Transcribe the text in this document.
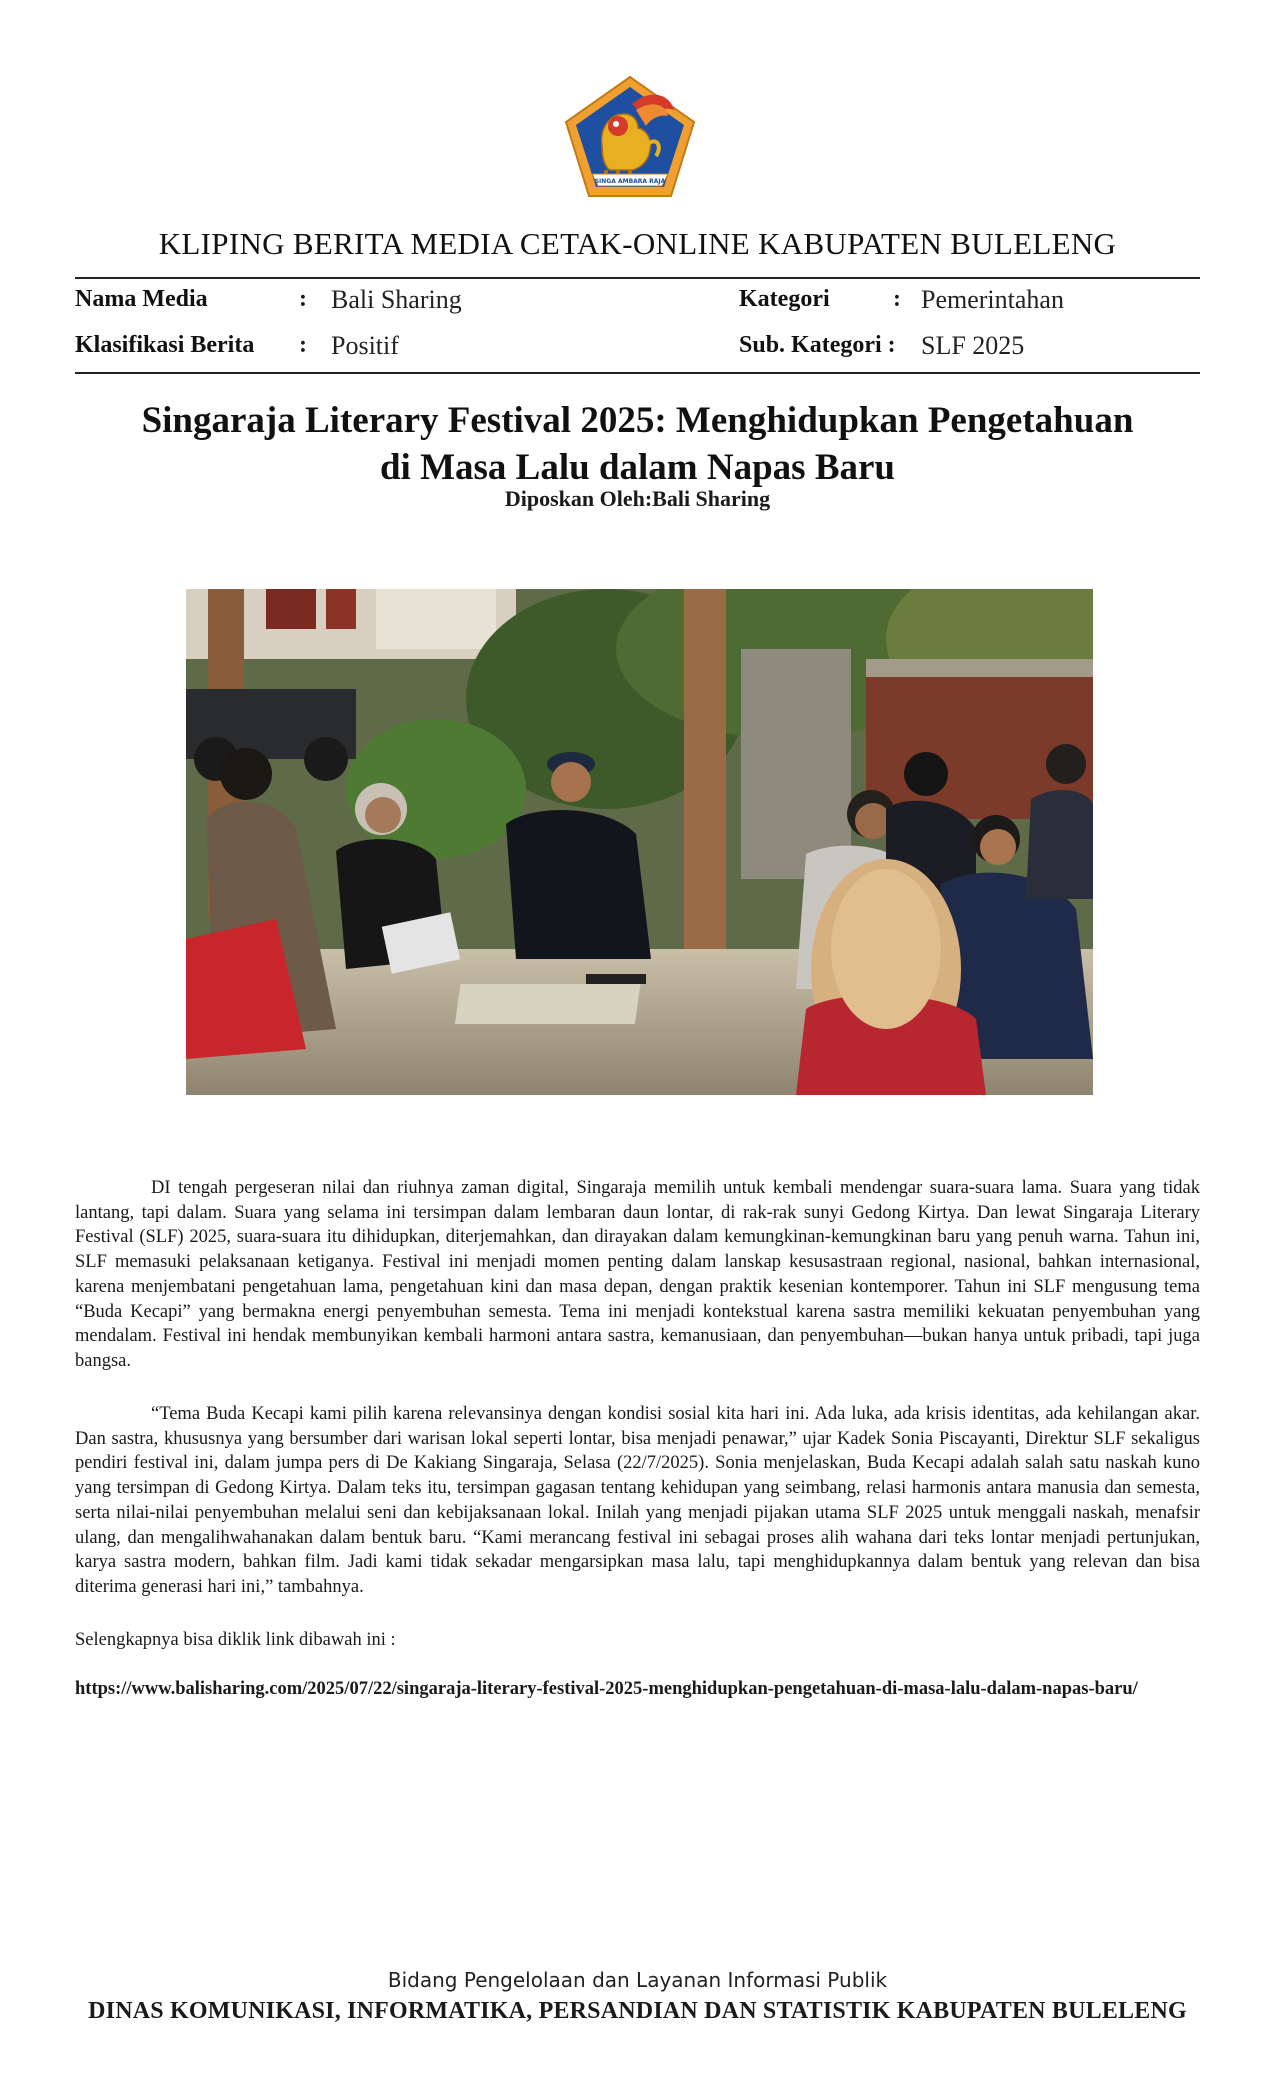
SINGA AMBARA RAJA
KLIPING BERITA MEDIA CETAK-ONLINE KABUPATEN BULELENG
Nama Media	: Bali Sharing	Kategori	: Pemerintahan
Klasifikasi Berita : Positif	Sub. Kategori : SLF 2025
Singaraja Literary Festival 2025: Menghidupkan Pengetahuan
di Masa Lalu dalam Napas Baru
Diposkan Oleh:Bali Sharing
DI tengah pergeseran nilai dan riuhnya zaman digital, Singaraja memilih untuk kembali mendengar suara-suara lama. Suara yang tidak lantang, tapi dalam. Suara yang selama ini tersimpan dalam lembaran daun lontar, di rak-rak sunyi Gedong Kirtya. Dan lewat Singaraja Literary Festival (SLF) 2025, suara-suara itu dihidupkan, diterjemahkan, dan dirayakan dalam kemungkinan-kemungkinan baru yang penuh warna. Tahun ini, SLF memasuki pelaksanaan ketiganya. Festival ini menjadi momen penting dalam lanskap kesusastraan regional, nasional, bahkan internasional, karena menjembatani pengetahuan lama, pengetahuan kini dan masa depan, dengan praktik kesenian kontemporer. Tahun ini SLF mengusung tema “Buda Kecapi” yang bermakna energi penyembuhan semesta. Tema ini menjadi kontekstual karena sastra memiliki kekuatan penyembuhan yang mendalam. Festival ini hendak membunyikan kembali harmoni antara sastra, kemanusiaan, dan penyembuhan—bukan hanya untuk pribadi, tapi juga bangsa.
“Tema Buda Kecapi kami pilih karena relevansinya dengan kondisi sosial kita hari ini. Ada luka, ada krisis identitas, ada kehilangan akar. Dan sastra, khususnya yang bersumber dari warisan lokal seperti lontar, bisa menjadi penawar,” ujar Kadek Sonia Piscayanti, Direktur SLF sekaligus pendiri festival ini, dalam jumpa pers di De Kakiang Singaraja, Selasa (22/7/2025). Sonia menjelaskan, Buda Kecapi adalah salah satu naskah kuno yang tersimpan di Gedong Kirtya. Dalam teks itu, tersimpan gagasan tentang kehidupan yang seimbang, relasi harmonis antara manusia dan semesta, serta nilai-nilai penyembuhan melalui seni dan kebijaksanaan lokal. Inilah yang menjadi pijakan utama SLF 2025 untuk menggali naskah, menafsir ulang, dan mengalihwahanakan dalam bentuk baru. “Kami merancang festival ini sebagai proses alih wahana dari teks lontar menjadi pertunjukan, karya sastra modern, bahkan film. Jadi kami tidak sekadar mengarsipkan masa lalu, tapi menghidupkannya dalam bentuk yang relevan dan bisa diterima generasi hari ini,” tambahnya.
Selengkapnya bisa diklik link dibawah ini :
https://www.balisharing.com/2025/07/22/singaraja-literary-festival-2025-menghidupkan-pengetahuan-di-masa-lalu-dalam-napas-baru/
Bidang Pengelolaan dan Layanan Informasi Publik
DINAS KOMUNIKASI, INFORMATIKA, PERSANDIAN DAN STATISTIK KABUPATEN BULELENG
